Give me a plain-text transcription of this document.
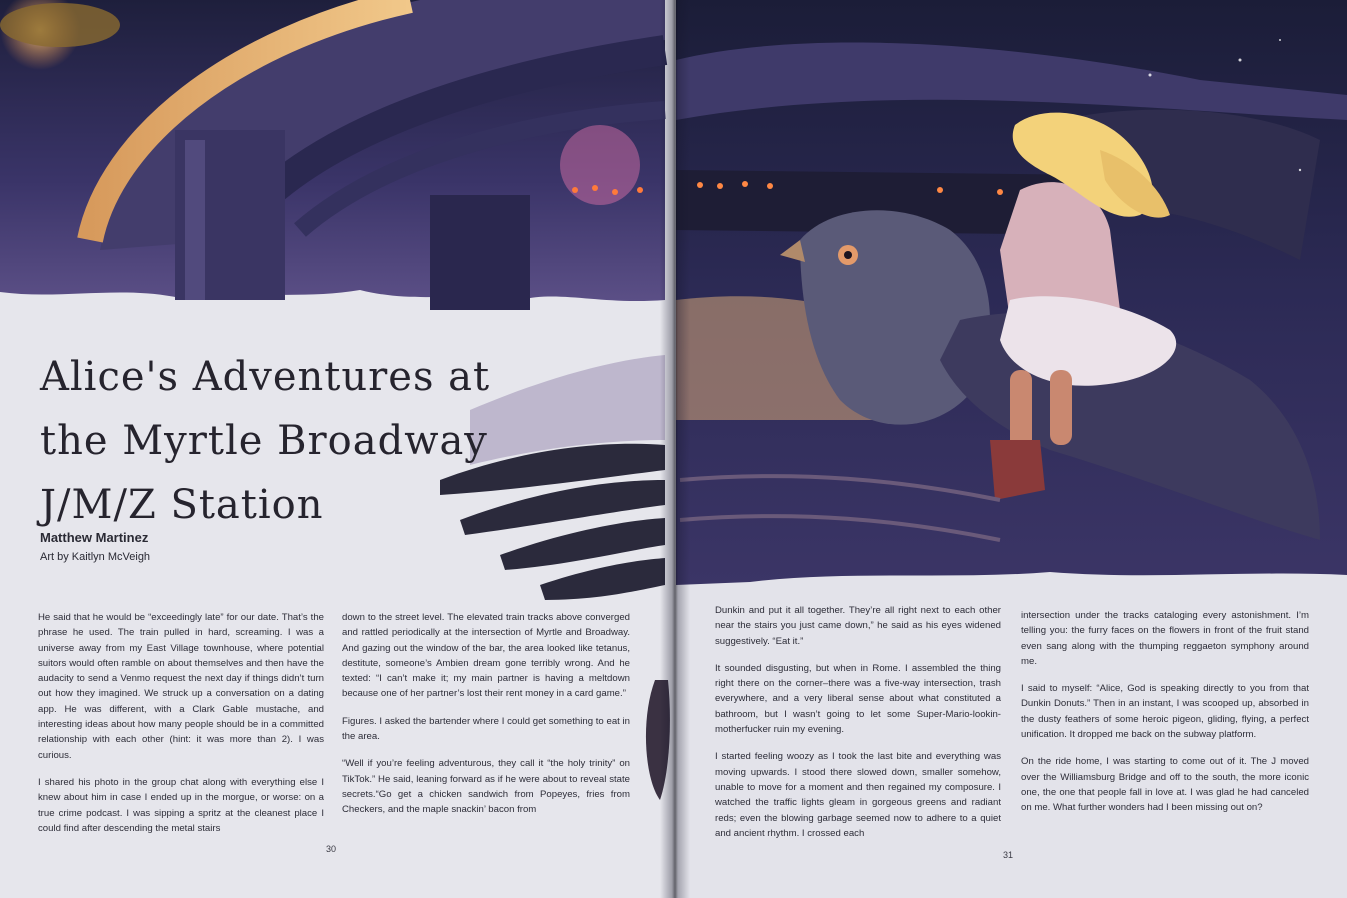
Alice's Adventures at
the Myrtle Broadway
J/M/Z Station
Matthew Martinez
Art by Kaitlyn McVeigh

He said that he would be “exceedingly late” for our date. That’s the phrase he used. The train pulled in hard, screaming. I was a universe away from my East Village townhouse, where potential suitors would often ramble on about themselves and then have the audacity to send a Venmo request the next day if things didn’t turn out how they imagined. We struck up a conversation on a dating app. He was different, with a Clark Gable mustache, and interesting ideas about how many people should be in a committed relationship with each other (hint: it was more than 2). I was curious.

I shared his photo in the group chat along with everything else I knew about him in case I ended up in the morgue, or worse: on a true crime podcast. I was sipping a spritz at the cleanest place I could find after descending the metal stairs

down to the street level. The elevated train tracks above converged and rattled periodically at the intersection of Myrtle and Broadway. And gazing out the window of the bar, the area looked like tetanus, destitute, someone’s Ambien dream gone terribly wrong. And he texted: “I can’t make it; my main partner is having a meltdown because one of her partner’s lost their rent money in a card game.”

Figures. I asked the bartender where I could get something to eat in the area.

“Well if you’re feeling adventurous, they call it “the holy trinity” on TikTok.” He said, leaning forward as if he were about to reveal state secrets.“Go get a chicken sandwich from Popeyes, fries from Checkers, and the maple snackin’ bacon from

Dunkin and put it all together. They’re all right next to each other near the stairs you just came down,” he said as his eyes widened suggestively. “Eat it.”

It sounded disgusting, but when in Rome. I assembled the thing right there on the corner–there was a five-way intersection, trash everywhere, and a very liberal sense about what constituted a bathroom, but I wasn’t going to let some Super-Mario-lookin-motherfucker ruin my evening.

I started feeling woozy as I took the last bite and everything was moving upwards. I stood there slowed down, smaller somehow, unable to move for a moment and then regained my composure. I watched the traffic lights gleam in gorgeous greens and radiant reds; even the blowing garbage seemed now to adhere to a quiet and ancient rhythm. I crossed each

intersection under the tracks cataloging every astonishment. I’m telling you: the furry faces on the flowers in front of the fruit stand even sang along with the thumping reggaeton symphony around me.

I said to myself: “Alice, God is speaking directly to you from that Dunkin Donuts.” Then in an instant, I was scooped up, absorbed in the dusty feathers of some heroic pigeon, gliding, flying, a perfect unification. It dropped me back on the subway platform.

On the ride home, I was starting to come out of it. The J moved over the Williamsburg Bridge and off to the south, the more iconic one, the one that people fall in love at. I was glad he had canceled on me. What further wonders had I been missing out on?

30
31
